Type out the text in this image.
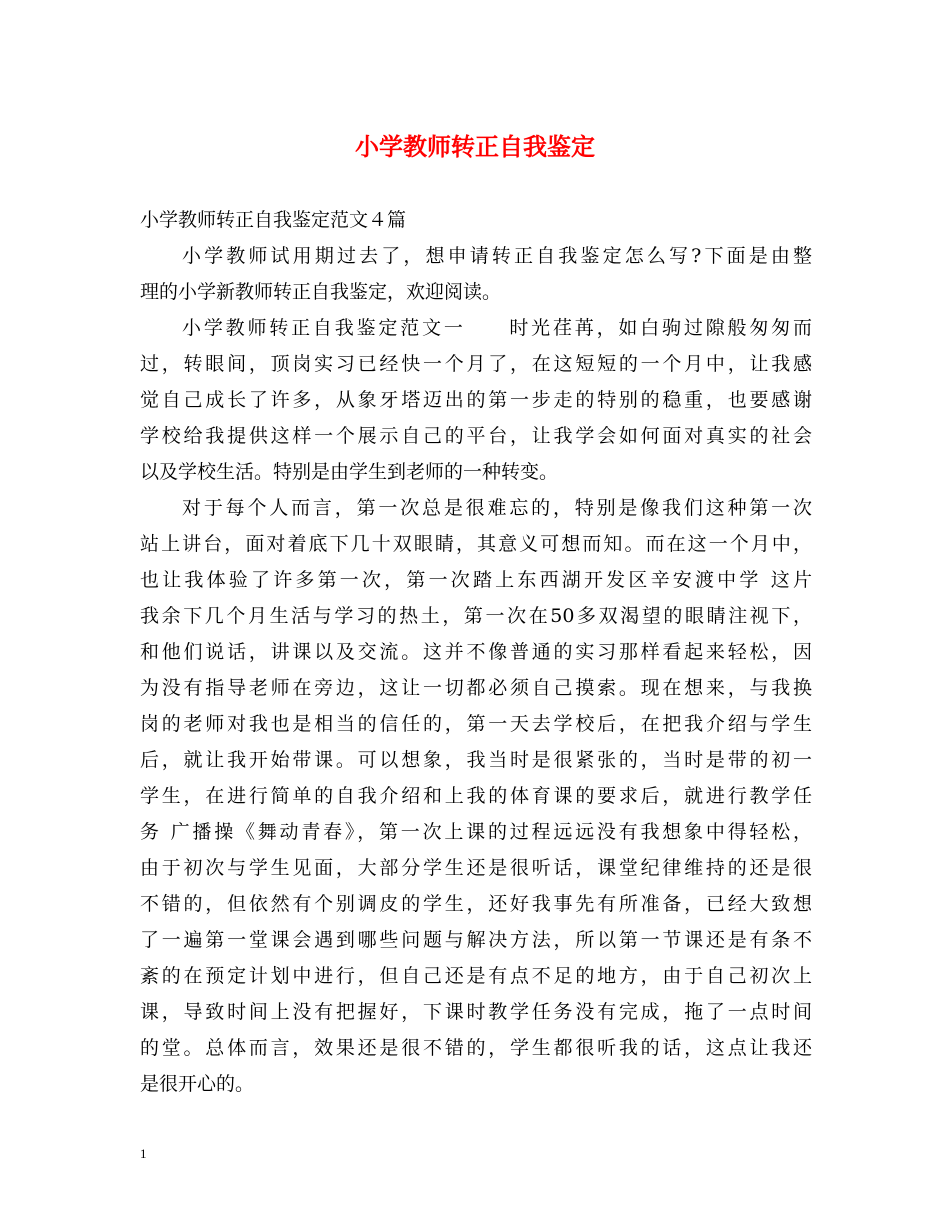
小学教师转正自我鉴定
小学教师转正自我鉴定范文４篇
小学教师试用期过去了，想申请转正自我鉴定怎么写?下面是由整
理的小学新教师转正自我鉴定，欢迎阅读。
小学教师转正自我鉴定范文一　　时光荏苒，如白驹过隙般匆匆而
过，转眼间，顶岗实习已经快一个月了，在这短短的一个月中，让我感
觉自己成长了许多，从象牙塔迈出的第一步走的特别的稳重，也要感谢
学校给我提供这样一个展示自己的平台，让我学会如何面对真实的社会
以及学校生活。特别是由学生到老师的一种转变。
对于每个人而言，第一次总是很难忘的，特别是像我们这种第一次
站上讲台，面对着底下几十双眼睛，其意义可想而知。而在这一个月中，
也让我体验了许多第一次，第一次踏上东西湖开发区辛安渡中学 这片
我余下几个月生活与学习的热土，第一次在50多双渴望的眼睛注视下，
和他们说话，讲课以及交流。这并不像普通的实习那样看起来轻松，因
为没有指导老师在旁边，这让一切都必须自己摸索。现在想来，与我换
岗的老师对我也是相当的信任的，第一天去学校后，在把我介绍与学生
后，就让我开始带课。可以想象，我当时是很紧张的，当时是带的初一
学生，在进行简单的自我介绍和上我的体育课的要求后，就进行教学任
务 广播操《舞动青春》，第一次上课的过程远远没有我想象中得轻松，
由于初次与学生见面，大部分学生还是很听话，课堂纪律维持的还是很
不错的，但依然有个别调皮的学生，还好我事先有所准备，已经大致想
了一遍第一堂课会遇到哪些问题与解决方法，所以第一节课还是有条不
紊的在预定计划中进行，但自己还是有点不足的地方，由于自己初次上
课，导致时间上没有把握好，下课时教学任务没有完成，拖了一点时间
的堂。总体而言，效果还是很不错的，学生都很听我的话，这点让我还
是很开心的。
1
